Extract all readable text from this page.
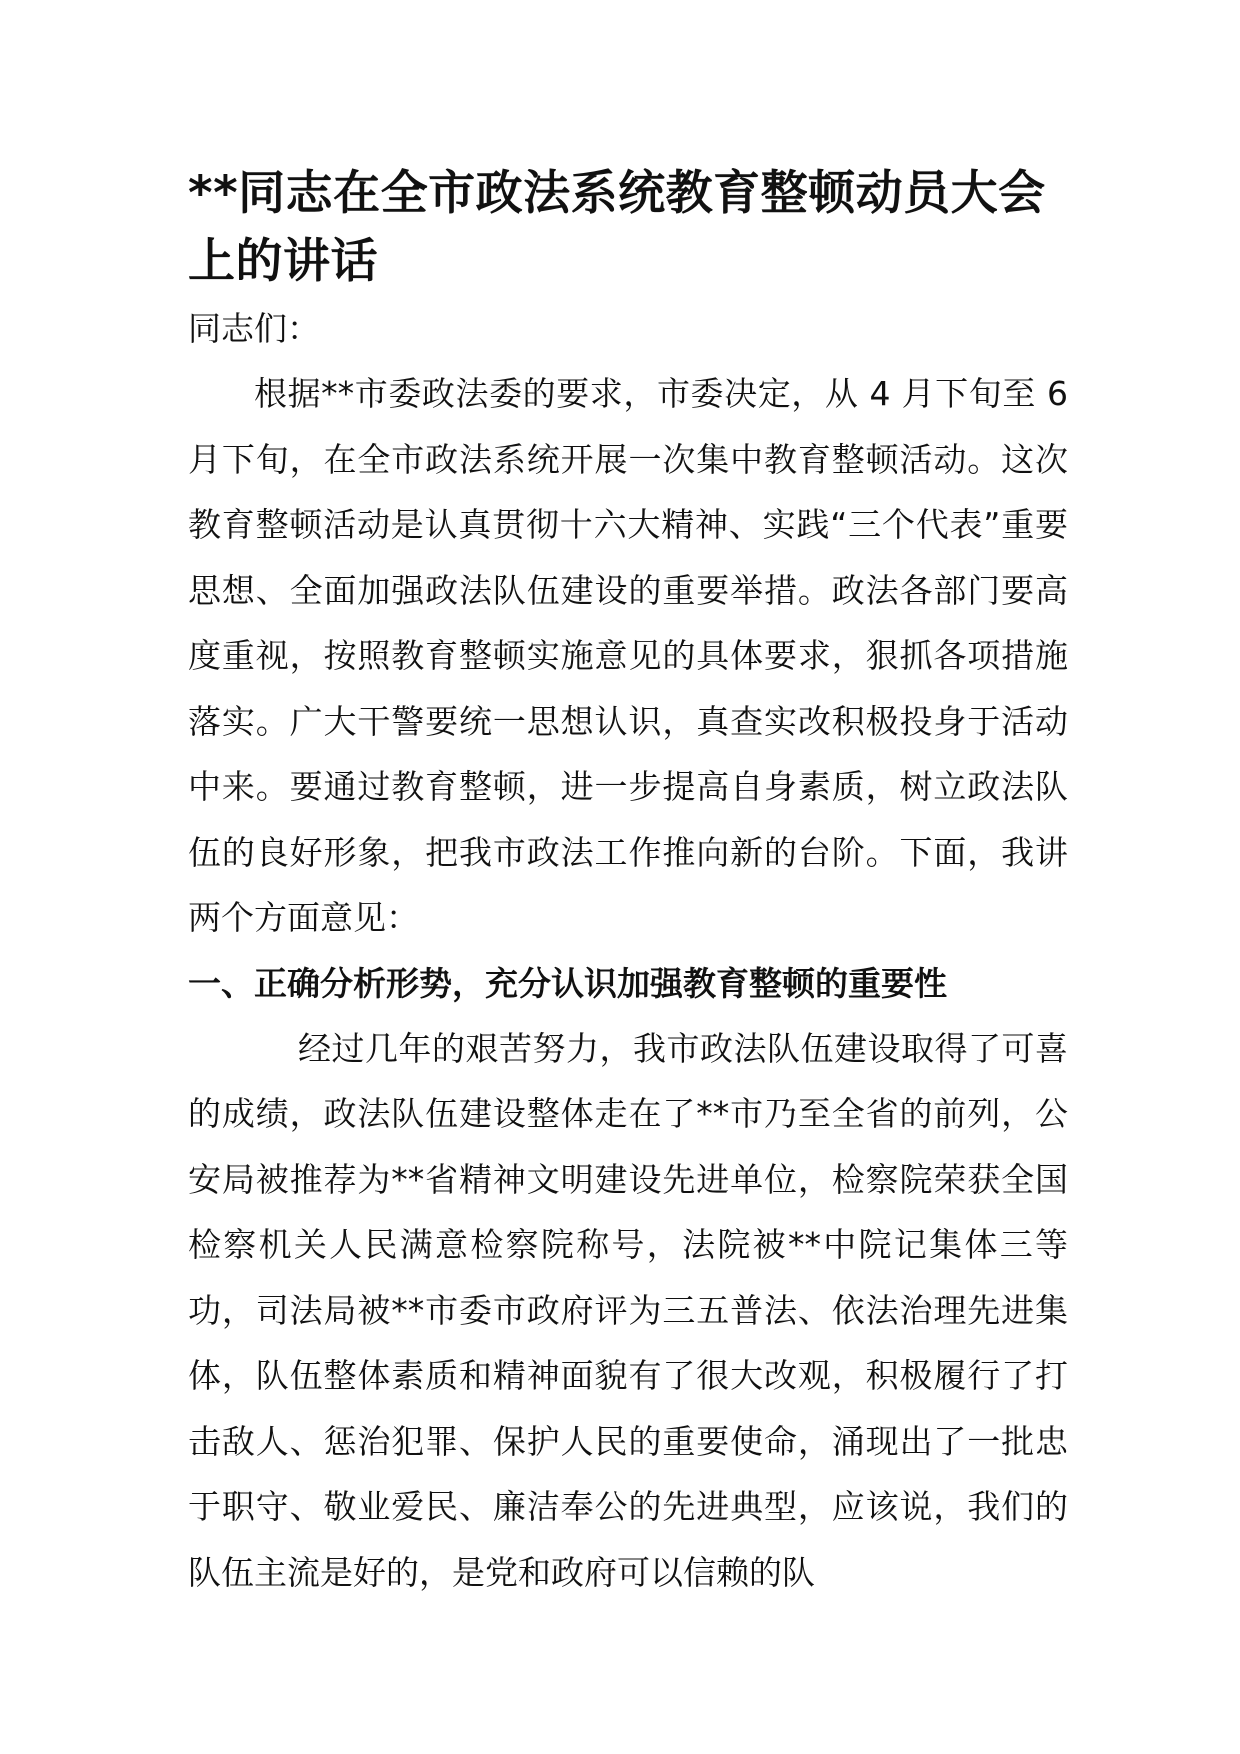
**同志在全市政法系统教育整顿动员大会上的讲话

同志们：

根据**市委政法委的要求，市委决定，从 4 月下旬至 6 月下旬，在全市政法系统开展一次集中教育整顿活动。这次教育整顿活动是认真贯彻十六大精神、实践“三个代表”重要思想、全面加强政法队伍建设的重要举措。政法各部门要高度重视，按照教育整顿实施意见的具体要求，狠抓各项措施落实。广大干警要统一思想认识，真查实改积极投身于活动中来。要通过教育整顿，进一步提高自身素质，树立政法队伍的良好形象，把我市政法工作推向新的台阶。下面，我讲两个方面意见：

一、正确分析形势，充分认识加强教育整顿的重要性

经过几年的艰苦努力，我市政法队伍建设取得了可喜的成绩，政法队伍建设整体走在了**市乃至全省的前列，公安局被推荐为**省精神文明建设先进单位，检察院荣获全国检察机关人民满意检察院称号，法院被**中院记集体三等功，司法局被**市委市政府评为三五普法、依法治理先进集体，队伍整体素质和精神面貌有了很大改观，积极履行了打击敌人、惩治犯罪、保护人民的重要使命，涌现出了一批忠于职守、敬业爱民、廉洁奉公的先进典型，应该说，我们的队伍主流是好的，是党和政府可以信赖的队
